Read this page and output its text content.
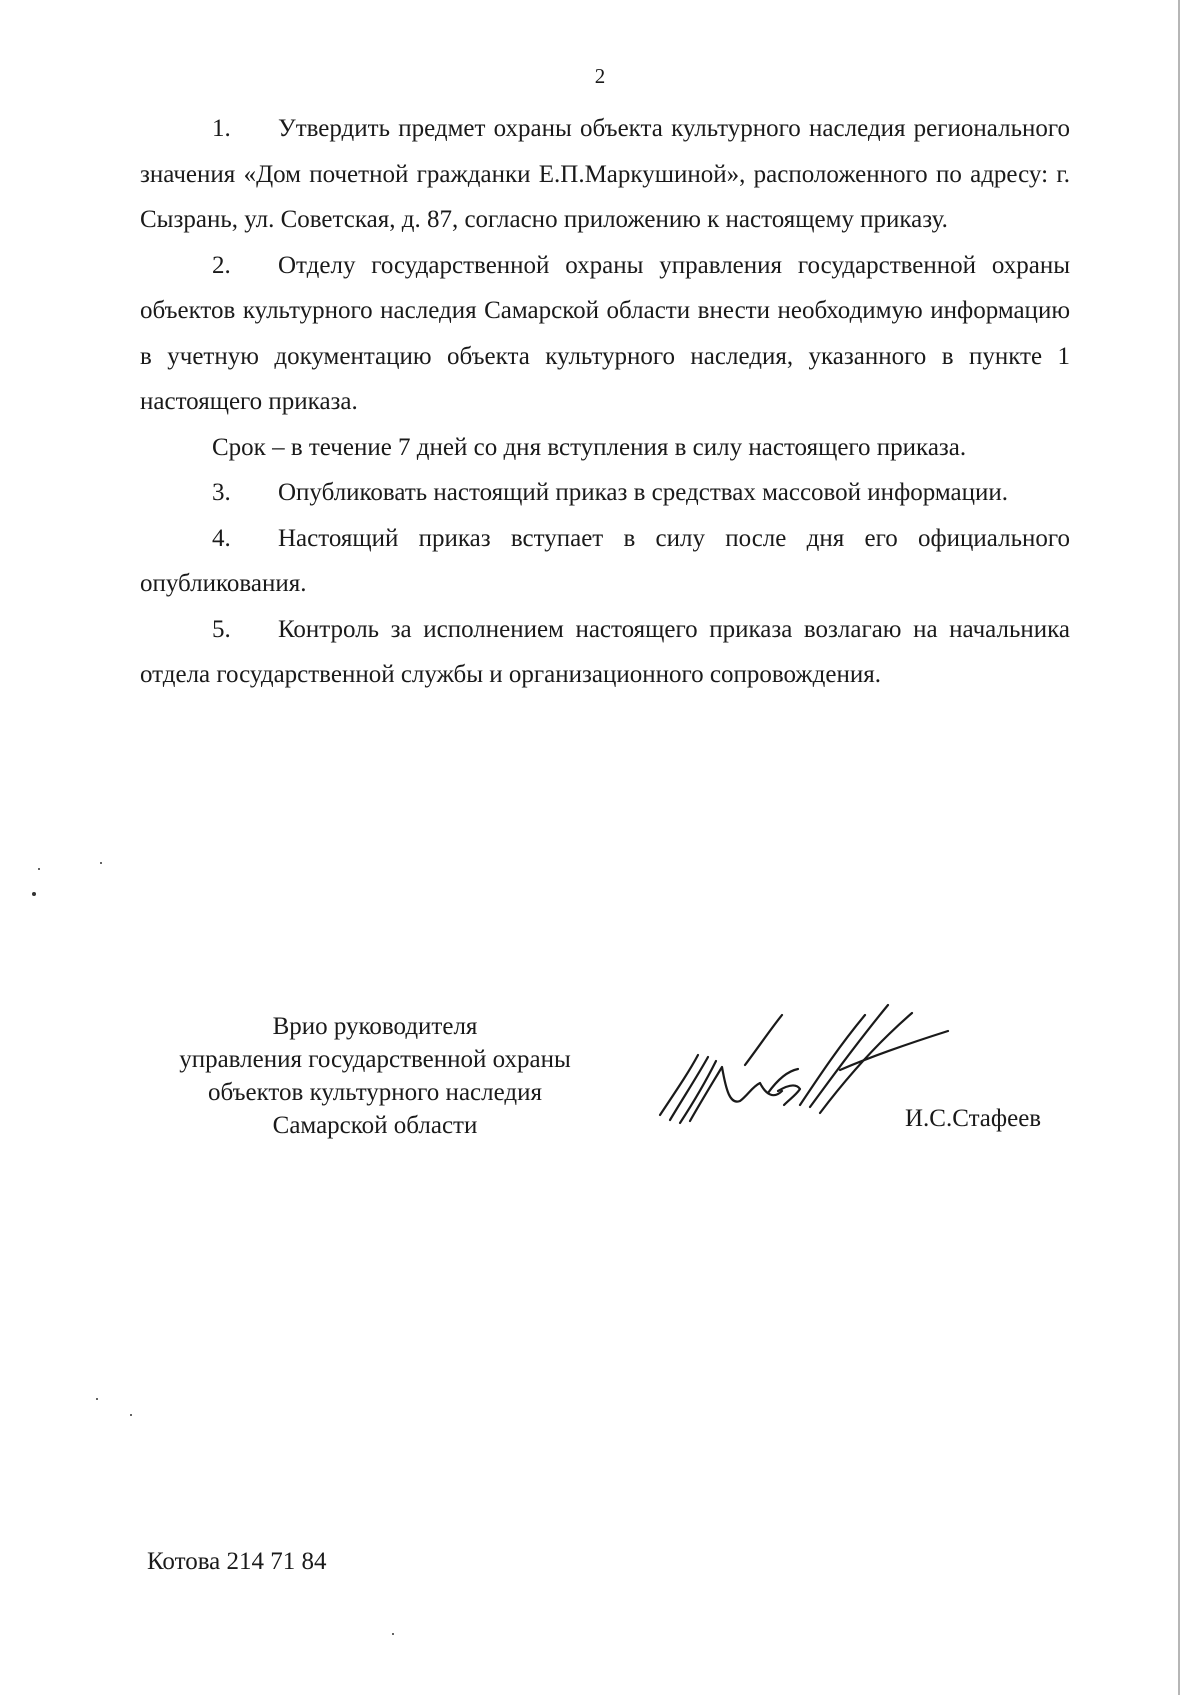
2

1. Утвердить предмет охраны объекта культурного наследия регионального значения «Дом почетной гражданки Е.П.Маркушиной», расположенного по адресу: г. Сызрань, ул. Советская, д. 87, согласно приложению к настоящему приказу.

2. Отделу государственной охраны управления государственной охраны объектов культурного наследия Самарской области внести необходимую информацию в учетную документацию объекта культурного наследия, указанного в пункте 1 настоящего приказа.

Срок – в течение 7 дней со дня вступления в силу настоящего приказа.

3. Опубликовать настоящий приказ в средствах массовой информации.

4. Настоящий приказ вступает в силу после дня его официального опубликования.

5. Контроль за исполнением настоящего приказа возлагаю на начальника отдела государственной службы и организационного сопровождения.

Врио руководителя
управления государственной охраны
объектов культурного наследия
Самарской области	И.С.Стафеев
Котова 214 71 84
